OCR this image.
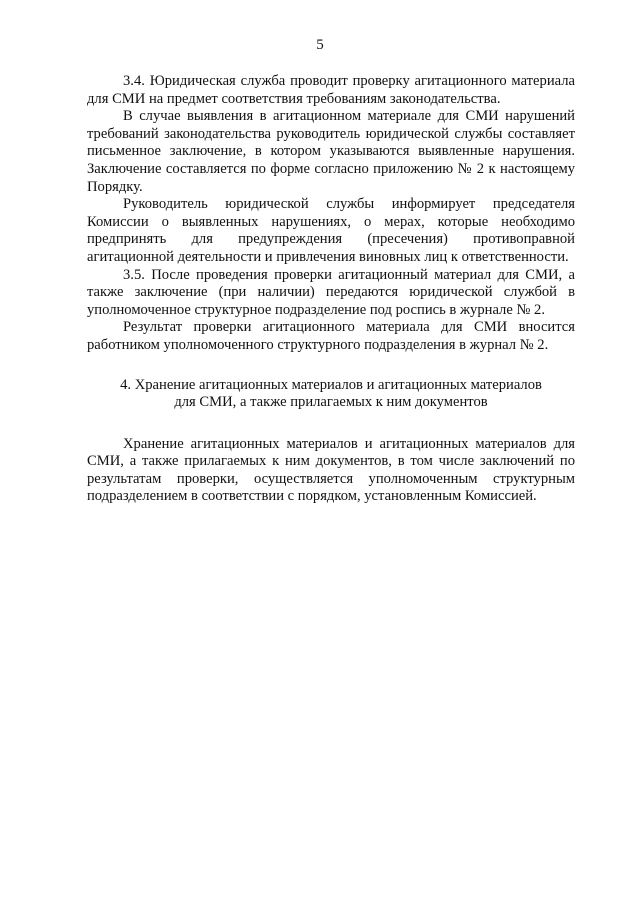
5

3.4. Юридическая служба проводит проверку агитационного материала для СМИ на предмет соответствия требованиям законодательства.

В случае выявления в агитационном материале для СМИ нарушений требований законодательства руководитель юридической службы составляет письменное заключение, в котором указываются выявленные нарушения. Заключение составляется по форме согласно приложению № 2 к настоящему Порядку.

Руководитель юридической службы информирует председателя Комиссии о выявленных нарушениях, о мерах, которые необходимо предпринять для предупреждения (пресечения) противоправной агитационной деятельности и привлечения виновных лиц к ответственности.

3.5. После проведения проверки агитационный материал для СМИ, а также заключение (при наличии) передаются юридической службой в уполномоченное структурное подразделение под роспись в журнале № 2.

Результат проверки агитационного материала для СМИ вносится работником уполномоченного структурного подразделения в журнал № 2.

4. Хранение агитационных материалов и агитационных материалов
для СМИ, а также прилагаемых к ним документов

Хранение агитационных материалов и агитационных материалов для СМИ, а также прилагаемых к ним документов, в том числе заключений по результатам проверки, осуществляется уполномоченным структурным подразделением в соответствии с порядком, установленным Комиссией.
